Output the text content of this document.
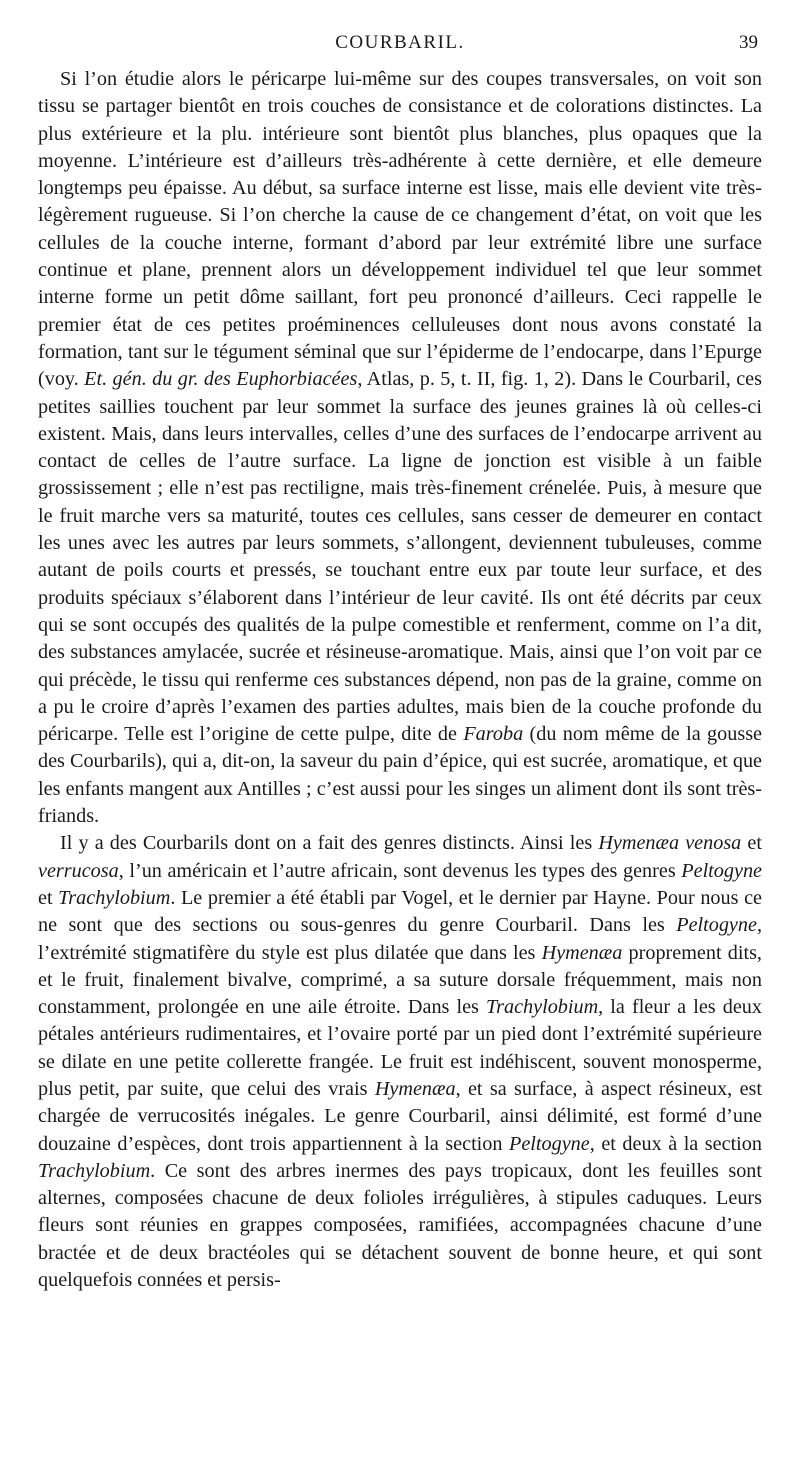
COURBARIL.	39

Si l’on étudie alors le péricarpe lui-même sur des coupes transversales, on voit son tissu se partager bientôt en trois couches de consistance et de colorations distinctes. La plus extérieure et la plu. intérieure sont bientôt plus blanches, plus opaques que la moyenne. L’intérieure est d’ailleurs très-adhérente à cette dernière, et elle demeure longtemps peu épaisse. Au début, sa surface interne est lisse, mais elle devient vite très-légèrement rugueuse. Si l’on cherche la cause de ce changement d’état, on voit que les cellules de la couche interne, formant d’abord par leur extrémité libre une surface continue et plane, prennent alors un développement individuel tel que leur sommet interne forme un petit dôme saillant, fort peu prononcé d’ailleurs. Ceci rappelle le premier état de ces petites proéminences celluleuses dont nous avons constaté la formation, tant sur le tégument séminal que sur l’épiderme de l’endocarpe, dans l’Epurge (voy. Et. gén. du gr. des Euphorbiacées, Atlas, p. 5, t. II, fig. 1, 2). Dans le Courbaril, ces petites saillies touchent par leur sommet la surface des jeunes graines là où celles-ci existent. Mais, dans leurs intervalles, celles d’une des surfaces de l’endocarpe arrivent au contact de celles de l’autre surface. La ligne de jonction est visible à un faible grossissement ; elle n’est pas rectiligne, mais très-finement crénelée. Puis, à mesure que le fruit marche vers sa maturité, toutes ces cellules, sans cesser de demeurer en contact les unes avec les autres par leurs sommets, s’allongent, deviennent tubuleuses, comme autant de poils courts et pressés, se touchant entre eux par toute leur surface, et des produits spéciaux s’élaborent dans l’intérieur de leur cavité. Ils ont été décrits par ceux qui se sont occupés des qualités de la pulpe comestible et renferment, comme on l’a dit, des substances amylacée, sucrée et résineuse-aromatique. Mais, ainsi que l’on voit par ce qui précède, le tissu qui renferme ces substances dépend, non pas de la graine, comme on a pu le croire d’après l’examen des parties adultes, mais bien de la couche profonde du péricarpe. Telle est l’origine de cette pulpe, dite de Faroba (du nom même de la gousse des Courbarils), qui a, dit-on, la saveur du pain d’épice, qui est sucrée, aromatique, et que les enfants mangent aux Antilles ; c’est aussi pour les singes un aliment dont ils sont très-friands.

Il y a des Courbarils dont on a fait des genres distincts. Ainsi les Hymenæa venosa et verrucosa, l’un américain et l’autre africain, sont devenus les types des genres Peltogyne et Trachylobium. Le premier a été établi par Vogel, et le dernier par Hayne. Pour nous ce ne sont que des sections ou sous-genres du genre Courbaril. Dans les Peltogyne, l’extrémité stigmatifère du style est plus dilatée que dans les Hymenæa proprement dits, et le fruit, finalement bivalve, comprimé, a sa suture dorsale fréquemment, mais non constamment, prolongée en une aile étroite. Dans les Trachylobium, la fleur a les deux pétales antérieurs rudimentaires, et l’ovaire porté par un pied dont l’extrémité supérieure se dilate en une petite collerette frangée. Le fruit est indéhiscent, souvent monosperme, plus petit, par suite, que celui des vrais Hymenæa, et sa surface, à aspect résineux, est chargée de verrucosités inégales. Le genre Courbaril, ainsi délimité, est formé d’une douzaine d’espèces, dont trois appartiennent à la section Peltogyne, et deux à la section Trachylobium. Ce sont des arbres inermes des pays tropicaux, dont les feuilles sont alternes, composées chacune de deux folioles irrégulières, à stipules caduques. Leurs fleurs sont réunies en grappes composées, ramifiées, accompagnées chacune d’une bractée et de deux bractéoles qui se détachent souvent de bonne heure, et qui sont quelquefois connées et persis-
